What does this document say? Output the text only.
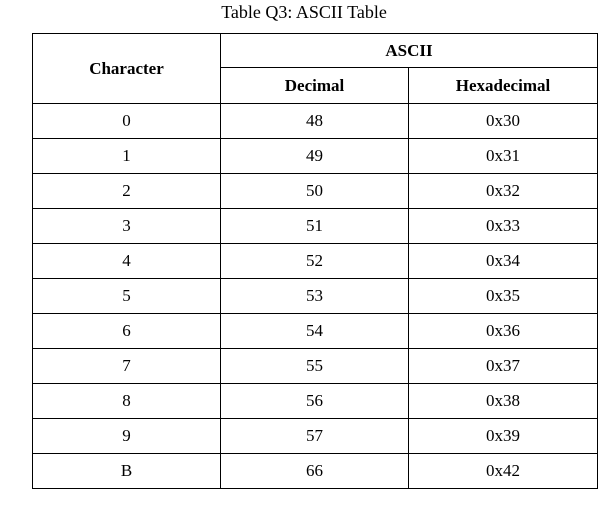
Table Q3: ASCII Table
Character	ASCII	
	Decimal	Hexadecimal
0	48	0x30
1	49	0x31
2	50	0x32
3	51	0x33
4	52	0x34
5	53	0x35
6	54	0x36
7	55	0x37
8	56	0x38
9	57	0x39
B	66	0x42
